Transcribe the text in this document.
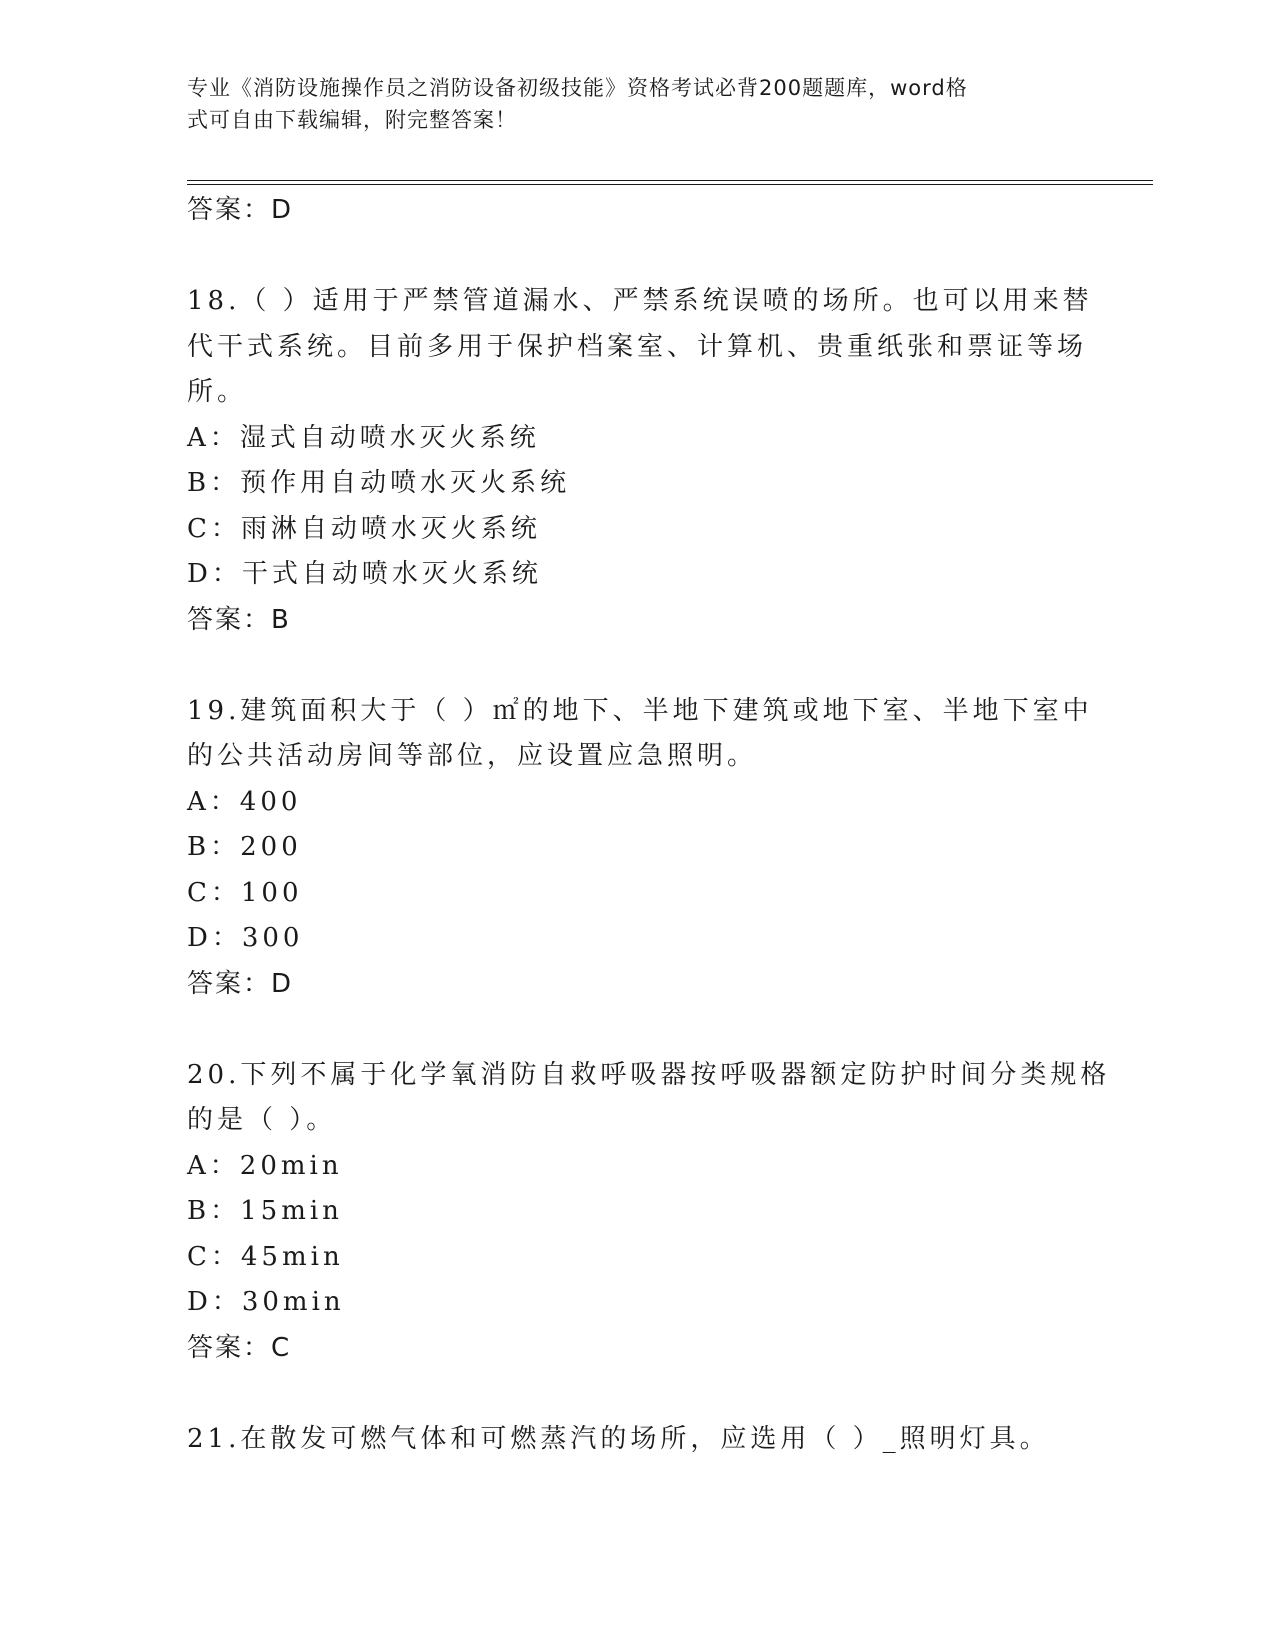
专业《消防设施操作员之消防设备初级技能》资格考试必背200题题库，word格
式可自由下载编辑，附完整答案！
答案：D
18.（ ）适用于严禁管道漏水、严禁系统误喷的场所。也可以用来替
代干式系统。目前多用于保护档案室、计算机、贵重纸张和票证等场
所。
A：湿式自动喷水灭火系统
B：预作用自动喷水灭火系统
C：雨淋自动喷水灭火系统
D：干式自动喷水灭火系统
答案：B
19.建筑面积大于（ ）㎡的地下、半地下建筑或地下室、半地下室中
的公共活动房间等部位，应设置应急照明。
A：400
B：200
C：100
D：300
答案：D
20.下列不属于化学氧消防自救呼吸器按呼吸器额定防护时间分类规格
的是（ ）。
A：20min
B：15min
C：45min
D：30min
答案：C
21.在散发可燃气体和可燃蒸汽的场所，应选用（ ）_照明灯具。
